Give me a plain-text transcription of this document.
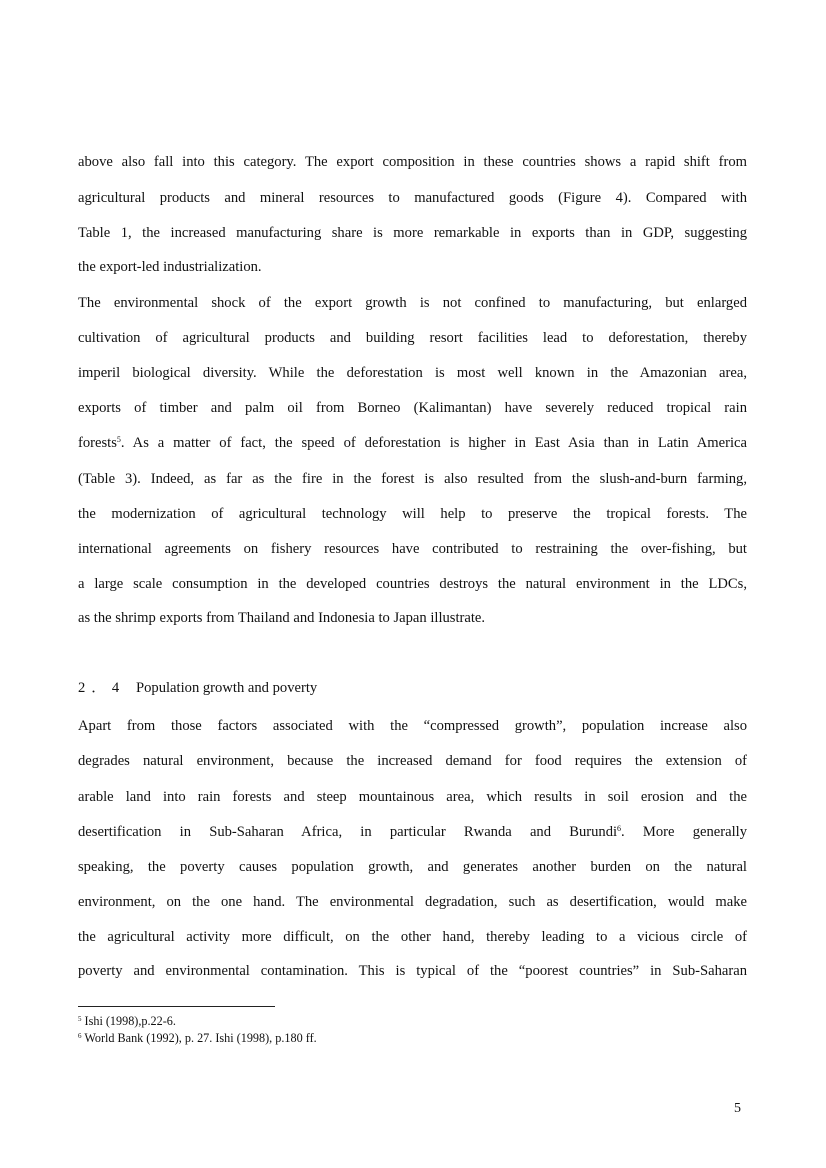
above also fall into this category. The export composition in these countries shows a rapid shift from
agricultural products and mineral resources to manufactured goods (Figure 4). Compared with
Table 1, the increased manufacturing share is more remarkable in exports than in GDP, suggesting
the export-led industrialization.
The environmental shock of the export growth is not confined to manufacturing, but enlarged
cultivation of agricultural products and building resort facilities lead to deforestation, thereby
imperil biological diversity. While the deforestation is most well known in the Amazonian area,
exports of timber and palm oil from Borneo (Kalimantan) have severely reduced tropical rain
forests$^5$. As a matter of fact, the speed of deforestation is higher in East Asia than in Latin America
(Table 3). Indeed, as far as the fire in the forest is also resulted from the slush-and-burn farming,
the modernization of agricultural technology will help to preserve the tropical forests. The
international agreements on fishery resources have contributed to restraining the over-fishing, but
a large scale consumption in the developed countries destroys the natural environment in the LDCs,
as the shrimp exports from Thailand and Indonesia to Japan illustrate.
2．4 Population growth and poverty
Apart from those factors associated with the “compressed growth”, population increase also
degrades natural environment, because the increased demand for food requires the extension of
arable land into rain forests and steep mountainous area, which results in soil erosion and the
desertification in Sub-Saharan Africa, in particular Rwanda and Burundi$^6$. More generally
speaking, the poverty causes population growth, and generates another burden on the natural
environment, on the one hand. The environmental degradation, such as desertification, would make
the agricultural activity more difficult, on the other hand, thereby leading to a vicious circle of
poverty and environmental contamination. This is typical of the “poorest countries” in Sub-Saharan
$^5$ Ishi (1998),p.22-6.
$^6$ World Bank (1992), p. 27. Ishi (1998), p.180 ff.
5
